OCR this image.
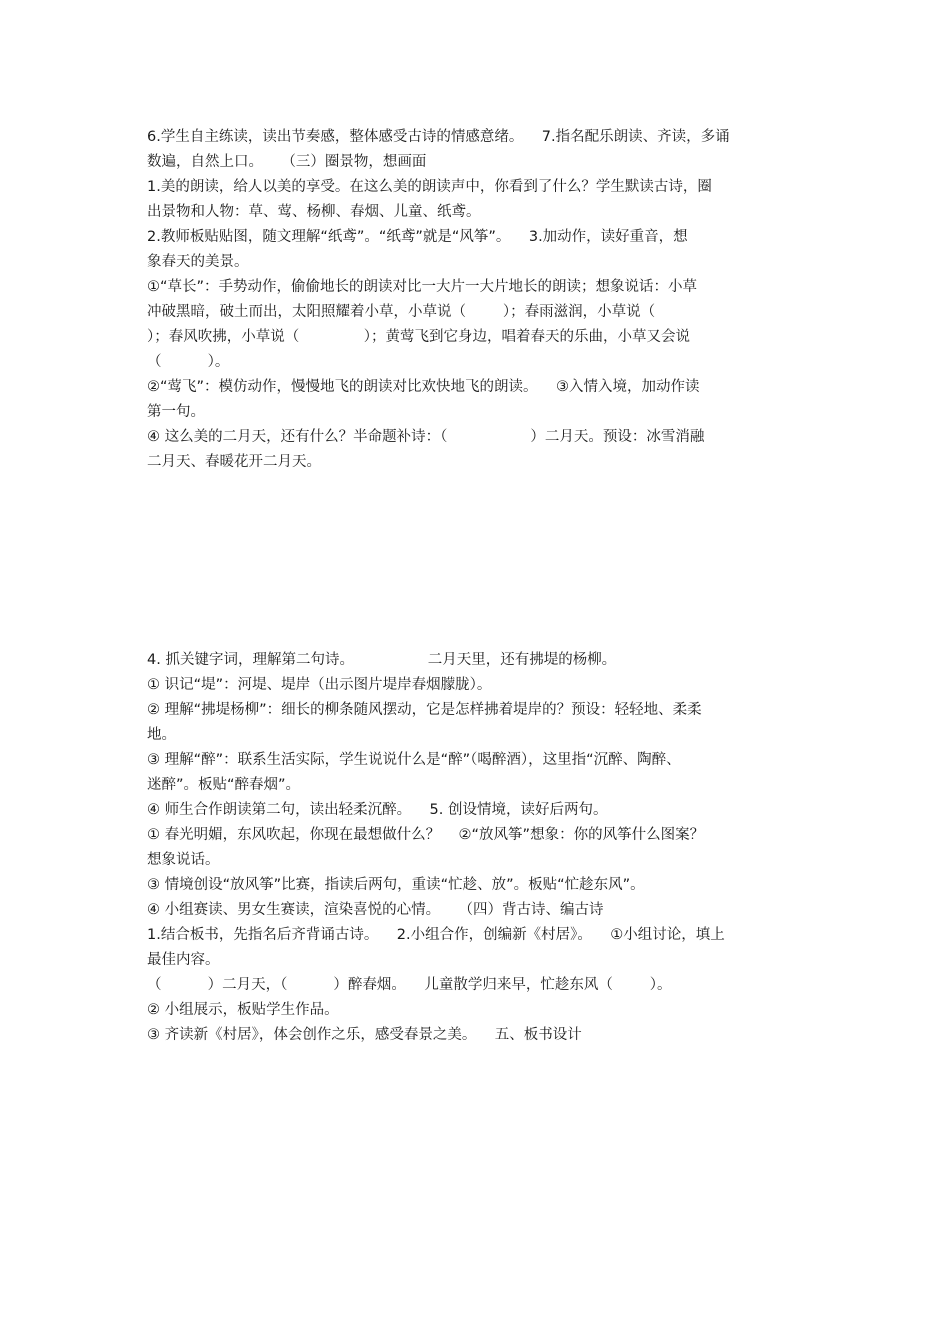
6.学生自主练读，读出节奏感，整体感受古诗的情感意绪。    7.指名配乐朗读、齐读，多诵

数遍，自然上口。    （三）圈景物，想画面

1.美的朗读，给人以美的享受。在这么美的朗读声中，你看到了什么？学生默读古诗，圈

出景物和人物：草、莺、杨柳、春烟、儿童、纸鸢。

2.教师板贴贴图，随文理解“纸鸢”。“纸鸢”就是“风筝”。    3.加动作，读好重音，想

象春天的美景。

①“草长”：手势动作，偷偷地长的朗读对比一大片一大片地长的朗读；想象说话：小草

冲破黑暗，破土而出，太阳照耀着小草，小草说（        ）；春雨滋润，小草说（

）；春风吹拂，小草说（              ）；黄莺飞到它身边，唱着春天的乐曲，小草又会说

（          ）。

②“莺飞”：模仿动作，慢慢地飞的朗读对比欢快地飞的朗读。    ③入情入境，加动作读

第一句。

④ 这么美的二月天，还有什么？半命题补诗：（                  ）二月天。预设：冰雪消融

二月天、春暖花开二月天。

4. 抓关键字词，理解第二句诗。                二月天里，还有拂堤的杨柳。

① 识记“堤”：河堤、堤岸（出示图片堤岸春烟朦胧）。

② 理解“拂堤杨柳”：细长的柳条随风摆动，它是怎样拂着堤岸的？预设：轻轻地、柔柔

地。

③ 理解“醉”：联系生活实际，学生说说什么是“醉”（喝醉酒），这里指“沉醉、陶醉、

迷醉”。板贴“醉春烟”。

④ 师生合作朗读第二句，读出轻柔沉醉。    5. 创设情境，读好后两句。

① 春光明媚，东风吹起，你现在最想做什么？    ②“放风筝”想象：你的风筝什么图案？

想象说话。

③ 情境创设“放风筝”比赛，指读后两句，重读“忙趁、放”。板贴“忙趁东风”。

④ 小组赛读、男女生赛读，渲染喜悦的心情。    （四）背古诗、编古诗

1.结合板书，先指名后齐背诵古诗。    2.小组合作，创编新《村居》。    ①小组讨论，填上

最佳内容。

（          ）二月天，（          ）醉春烟。    儿童散学归来早，忙趁东风（        ）。

② 小组展示，板贴学生作品。

③ 齐读新《村居》，体会创作之乐，感受春景之美。    五、板书设计
